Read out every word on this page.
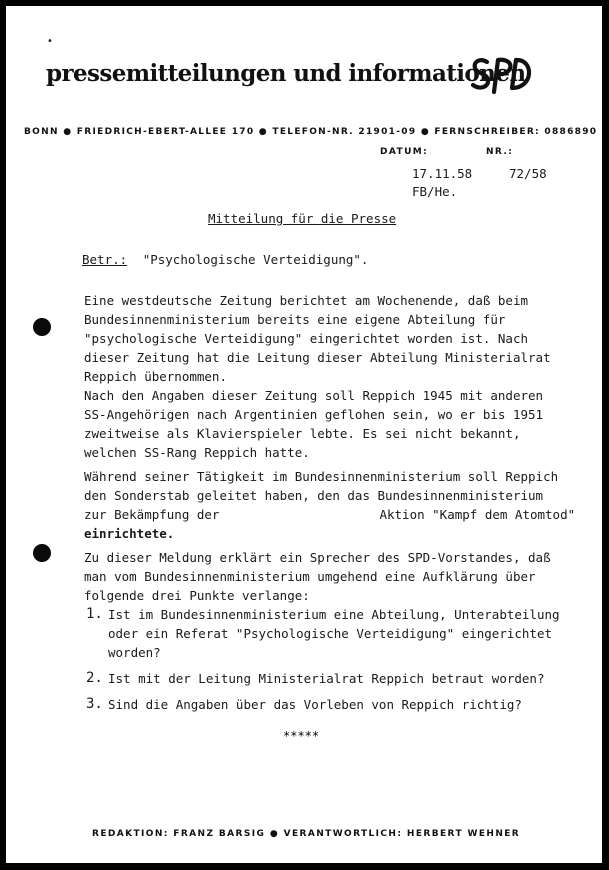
•
pressemitteilungen und informationen
BONN ● FRIEDRICH-EBERT-ALLEE 170 ● TELEFON-NR. 21901-09 ● FERNSCHREIBER: 0886890
DATUM:	NR.:
17.11.58	72/58
FB/He.
Mitteilung für die Presse
Betr.: "Psychologische Verteidigung".

Eine westdeutsche Zeitung berichtet am Wochenende, daß beim Bundesinnenministerium bereits eine eigene Abteilung für "psychologische Verteidigung" eingerichtet worden ist. Nach dieser Zeitung hat die Leitung dieser Abteilung Ministerialrat Reppich übernommen.

Nach den Angaben dieser Zeitung soll Reppich 1945 mit anderen SS-Angehörigen nach Argentinien geflohen sein, wo er bis 1951 zweitweise als Klavierspieler lebte. Es sei nicht bekannt, welchen SS-Rang Reppich hatte.

Während seiner Tätigkeit im Bundesinnenministerium soll Reppich den Sonderstab geleitet haben, den das Bundesinnenministerium

zur Bekämpfung der	Aktion "Kampf dem Atomtod"

einrichtete.

Zu dieser Meldung erklärt ein Sprecher des SPD-Vorstandes, daß man vom Bundesinnenministerium umgehend eine Aufklärung über folgende drei Punkte verlange:

1. Ist im Bundesinnenministerium eine Abteilung, Unterabteilung oder ein Referat "Psychologische Verteidigung" eingerichtet worden?
2. Ist mit der Leitung Ministerialrat Reppich betraut worden?
3. Sind die Angaben über das Vorleben von Reppich richtig?
*****
REDAKTION: FRANZ BARSIG ● VERANTWORTLICH: HERBERT WEHNER
